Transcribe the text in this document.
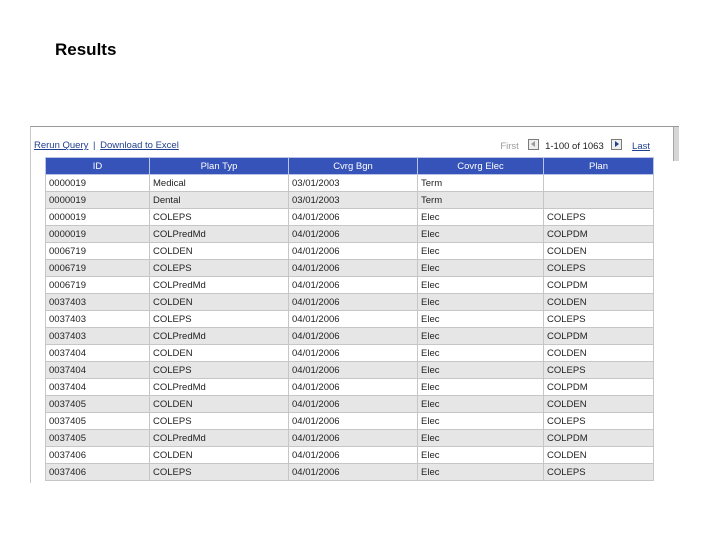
Results
Rerun Query | Download to Excel	First	1-100 of 1063	Last
ID	Plan Typ	Cvrg Bgn	Covrg Elec	Plan
0000019	Medical	03/01/2003	Term	
0000019	Dental	03/01/2003	Term	
0000019	COLEPS	04/01/2006	Elec	COLEPS
0000019	COLPredMd	04/01/2006	Elec	COLPDM
0006719	COLDEN	04/01/2006	Elec	COLDEN
0006719	COLEPS	04/01/2006	Elec	COLEPS
0006719	COLPredMd	04/01/2006	Elec	COLPDM
0037403	COLDEN	04/01/2006	Elec	COLDEN
0037403	COLEPS	04/01/2006	Elec	COLEPS
0037403	COLPredMd	04/01/2006	Elec	COLPDM
0037404	COLDEN	04/01/2006	Elec	COLDEN
0037404	COLEPS	04/01/2006	Elec	COLEPS
0037404	COLPredMd	04/01/2006	Elec	COLPDM
0037405	COLDEN	04/01/2006	Elec	COLDEN
0037405	COLEPS	04/01/2006	Elec	COLEPS
0037405	COLPredMd	04/01/2006	Elec	COLPDM
0037406	COLDEN	04/01/2006	Elec	COLDEN
0037406	COLEPS	04/01/2006	Elec	COLEPS
